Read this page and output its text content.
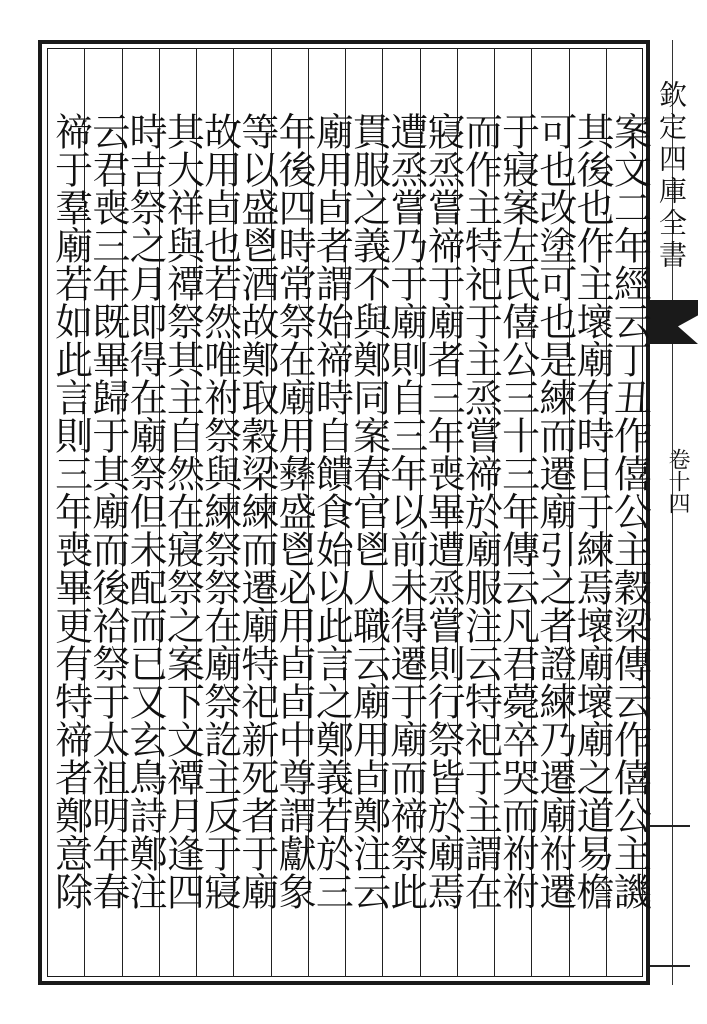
欽定四庫全書
卷十四
案文二年經云丁丑作僖公主穀梁傳云作僖公主譏
其後也作主壞廟有時日于練焉壞廟壞廟之道易檐
可也改塗可也是練而遷廟引之者證練乃遷廟祔遷
于寢案左氏僖公三十三年傳云凡君薨卒哭而祔祔
而作主特祀于主烝嘗禘於廟服注云特祀于主謂在
寢烝嘗禘于廟者三年喪畢遭烝嘗則行祭皆於廟焉
遭烝嘗乃于廟則自三年以前未得遷于廟而禘祭此
貫服之義不與鄭同案春官鬯人職云廟用卣鄭注云
廟用卣者謂始禘時自饋食始以此言之鄭義若於三
年後四時常祭在廟用彝盛鬯必用卣卣中尊謂獻象
等以盛鬯酒故鄭取穀梁練而遷廟特祀新死者于廟
故用卣也若然唯祔祭與練祭祭在廟祭訖主反于寢
其大祥與禫祭其主自然在寢祭之案下文禫月逢四
時吉祭之月即得在廟祭但未配而已又玄鳥詩鄭注
云君喪三年既畢歸于其廟而後祫祭于太祖明年春
禘于羣廟若如此言則三年喪畢更有特禘者鄭意除
